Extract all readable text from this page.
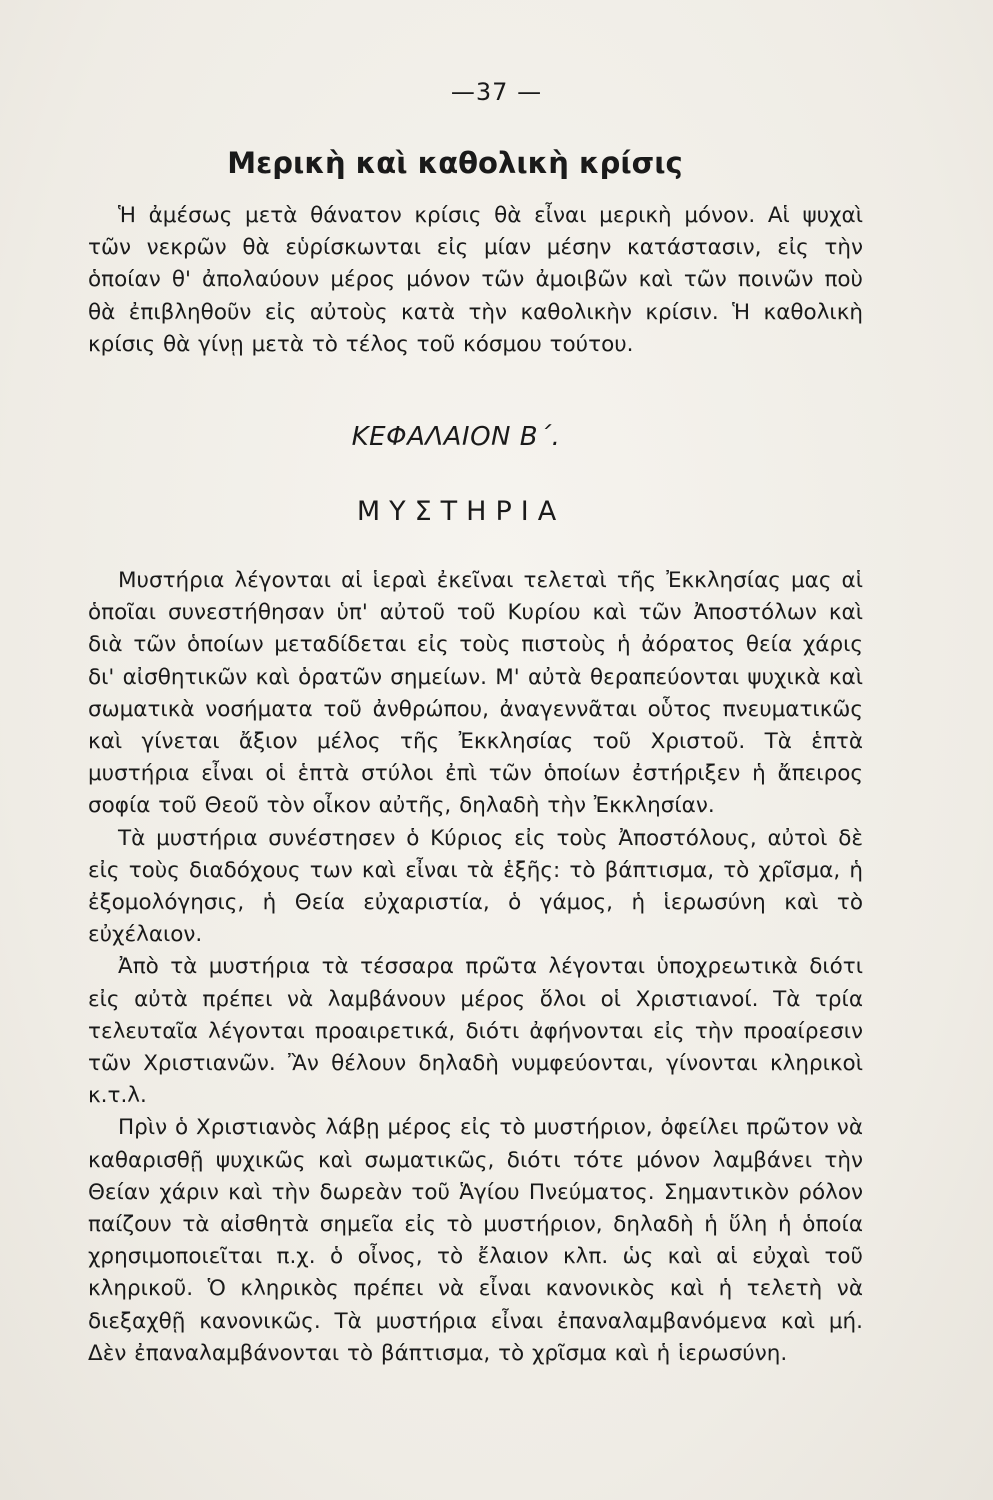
—37 —
Μερικὴ καὶ καθολικὴ κρίσις

Ἡ ἀμέσως μετὰ θάνατον κρίσις θὰ εἶναι μερικὴ μόνον. Αἱ ψυχαὶ τῶν νεκρῶν θὰ εὑρίσκωνται εἰς μίαν μέσην κατάστασιν, εἰς τὴν ὁποίαν θ' ἀπολαύουν μέρος μόνον τῶν ἀμοιβῶν καὶ τῶν ποινῶν ποὺ θὰ ἐπιβληθοῦν εἰς αὐτοὺς κατὰ τὴν καθολικὴν κρίσιν. Ἡ καθολικὴ κρίσις θὰ γίνῃ μετὰ τὸ τέλος τοῦ κόσμου τούτου.

ΚΕΦΑΛΑΙΟΝ Β΄.
ΜΥΣΤΗΡΙΑ

Μυστήρια λέγονται αἱ ἱεραὶ ἐκεῖναι τελεταὶ τῆς Ἐκκλησίας μας αἱ ὁποῖαι συνεστήθησαν ὑπ' αὐτοῦ τοῦ Κυρίου καὶ τῶν Ἀποστόλων καὶ διὰ τῶν ὁποίων μεταδίδεται εἰς τοὺς πιστοὺς ἡ ἀόρατος θεία χάρις δι' αἰσθητικῶν καὶ ὁρατῶν σημείων. Μ' αὐτὰ θεραπεύονται ψυχικὰ καὶ σωματικὰ νοσήματα τοῦ ἀνθρώπου, ἀναγεννᾶται οὗτος πνευματικῶς καὶ γίνεται ἄξιον μέλος τῆς Ἐκκλησίας τοῦ Χριστοῦ. Τὰ ἑπτὰ μυστήρια εἶναι οἱ ἑπτὰ στύλοι ἐπὶ τῶν ὁποίων ἐστήριξεν ἡ ἄπειρος σοφία τοῦ Θεοῦ τὸν οἶκον αὐτῆς, δηλαδὴ τὴν Ἐκκλησίαν.

Τὰ μυστήρια συνέστησεν ὁ Κύριος εἰς τοὺς Ἀποστόλους, αὐτοὶ δὲ εἰς τοὺς διαδόχους των καὶ εἶναι τὰ ἑξῆς: τὸ βάπτισμα, τὸ χρῖσμα, ἡ ἐξομολόγησις, ἡ Θεία εὐχαριστία, ὁ γάμος, ἡ ἱερωσύνη καὶ τὸ εὐχέλαιον.

Ἀπὸ τὰ μυστήρια τὰ τέσσαρα πρῶτα λέγονται ὑποχρεωτικὰ διότι εἰς αὐτὰ πρέπει νὰ λαμβάνουν μέρος ὅλοι οἱ Χριστιανοί. Τὰ τρία τελευταῖα λέγονται προαιρετικά, διότι ἀφήνονται εἰς τὴν προαίρεσιν τῶν Χριστιανῶν. Ἂν θέλουν δηλαδὴ νυμφεύονται, γίνονται κληρικοὶ κ.τ.λ.

Πρὶν ὁ Χριστιανὸς λάβῃ μέρος εἰς τὸ μυστήριον, ὀφείλει πρῶτον νὰ καθαρισθῇ ψυχικῶς καὶ σωματικῶς, διότι τότε μόνον λαμβάνει τὴν Θείαν χάριν καὶ τὴν δωρεὰν τοῦ Ἁγίου Πνεύματος. Σημαντικὸν ρόλον παίζουν τὰ αἰσθητὰ σημεῖα εἰς τὸ μυστήριον, δηλαδὴ ἡ ὕλη ἡ ὁποία χρησιμοποιεῖται π.χ. ὁ οἶνος, τὸ ἔλαιον κλπ. ὡς καὶ αἱ εὐχαὶ τοῦ κληρικοῦ. Ὁ κληρικὸς πρέπει νὰ εἶναι κανονικὸς καὶ ἡ τελετὴ νὰ διεξαχθῇ κανονικῶς. Τὰ μυστήρια εἶναι ἐπαναλαμβανόμενα καὶ μή. Δὲν ἐπαναλαμβάνονται τὸ βάπτισμα, τὸ χρῖσμα καὶ ἡ ἱερωσύνη.
